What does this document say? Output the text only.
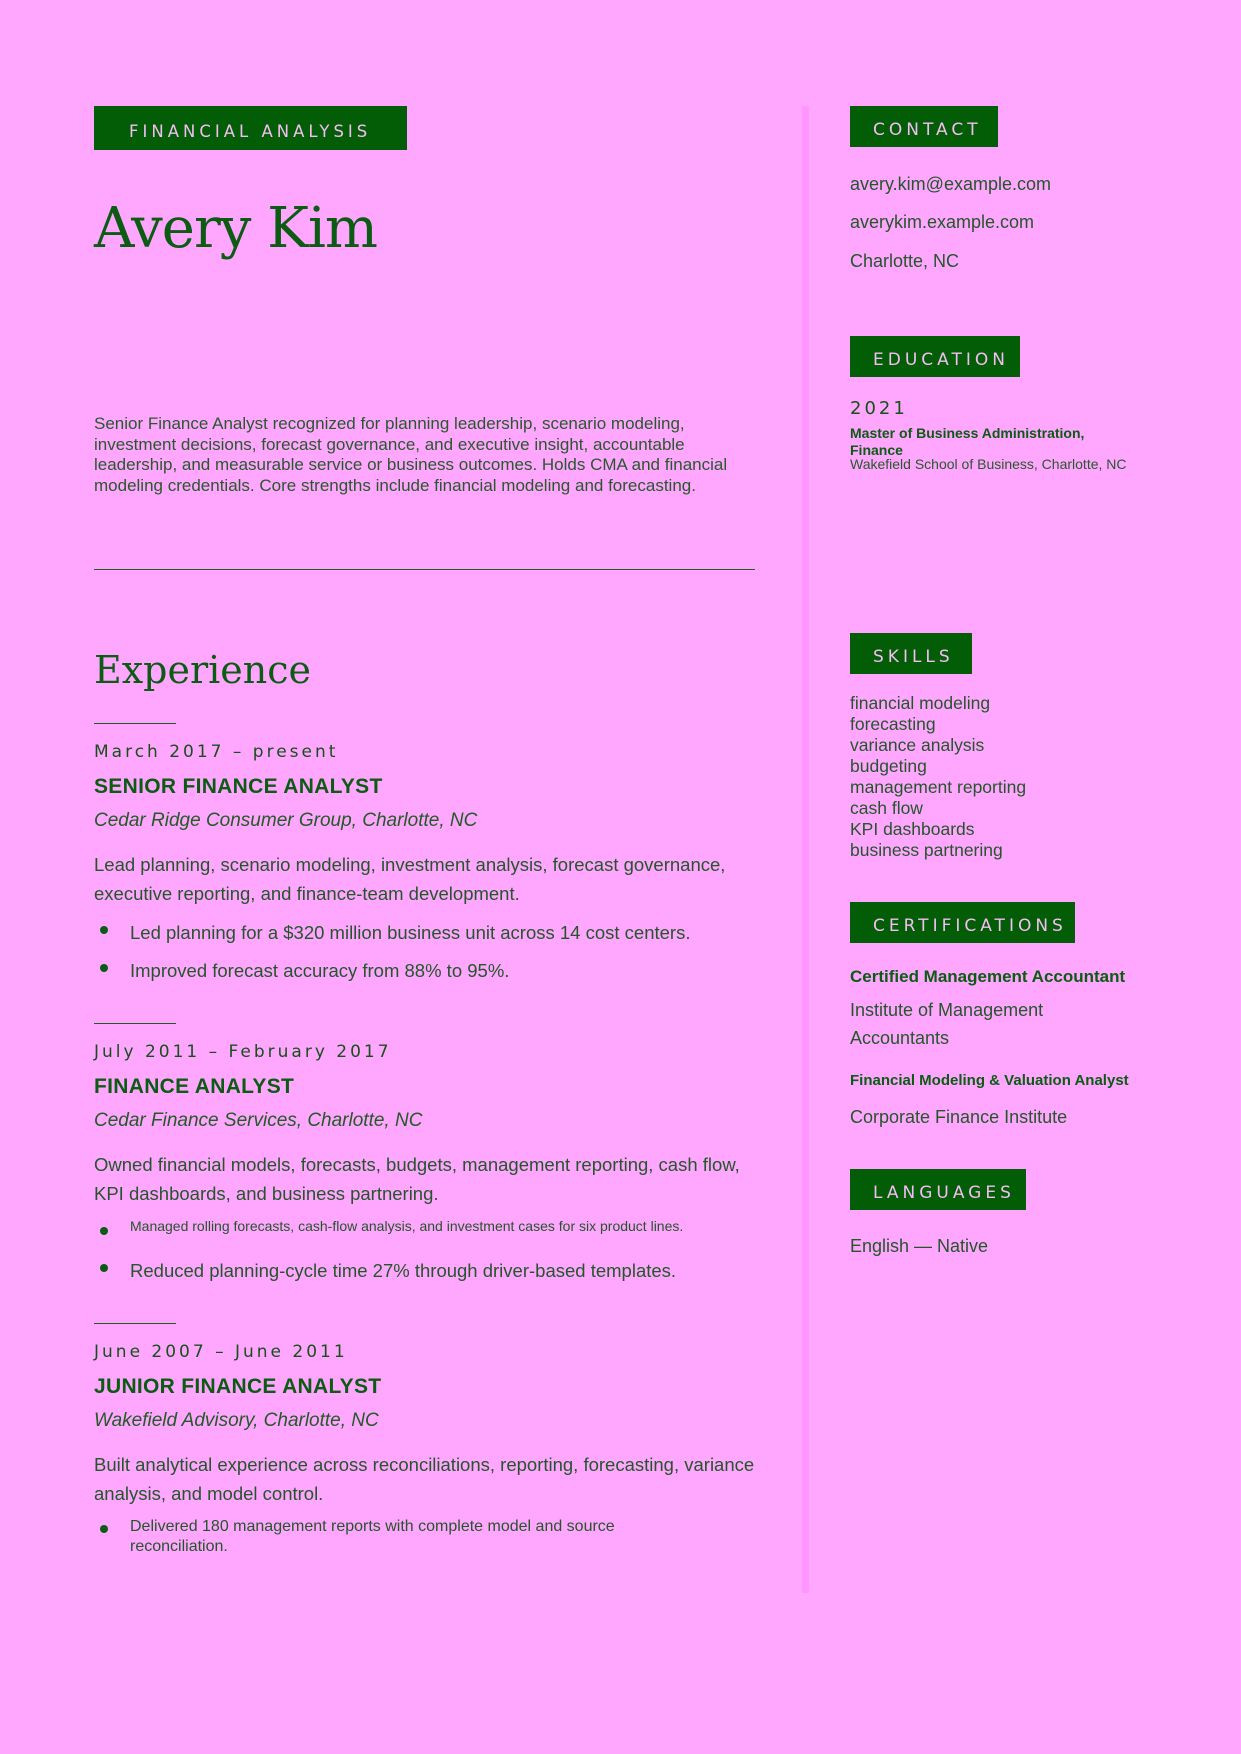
FINANCIAL ANALYSIS
Avery Kim
Senior Finance Analyst recognized for planning leadership, scenario modeling, investment decisions, forecast governance, and executive insight, accountable leadership, and measurable service or business outcomes. Holds CMA and financial modeling credentials. Core strengths include financial modeling and forecasting.
Experience
March 2017 – present
SENIOR FINANCE ANALYST
Cedar Ridge Consumer Group, Charlotte, NC
Lead planning, scenario modeling, investment analysis, forecast governance, executive reporting, and finance-team development.
Led planning for a $320 million business unit across 14 cost centers.
Improved forecast accuracy from 88% to 95%.
July 2011 – February 2017
FINANCE ANALYST
Cedar Finance Services, Charlotte, NC
Owned financial models, forecasts, budgets, management reporting, cash flow, KPI dashboards, and business partnering.
Managed rolling forecasts, cash-flow analysis, and investment cases for six product lines.
Reduced planning-cycle time 27% through driver-based templates.
June 2007 – June 2011
JUNIOR FINANCE ANALYST
Wakefield Advisory, Charlotte, NC
Built analytical experience across reconciliations, reporting, forecasting, variance analysis, and model control.
Delivered 180 management reports with complete model and source reconciliation.
CONTACT
avery.kim@example.com
averykim.example.com
Charlotte, NC
EDUCATION
2021
Master of Business Administration, Finance
Wakefield School of Business, Charlotte, NC
SKILLS
financial modeling
forecasting
variance analysis
budgeting
management reporting
cash flow
KPI dashboards
business partnering
CERTIFICATIONS
Certified Management Accountant
Institute of Management Accountants
Financial Modeling & Valuation Analyst
Corporate Finance Institute
LANGUAGES
English — Native
